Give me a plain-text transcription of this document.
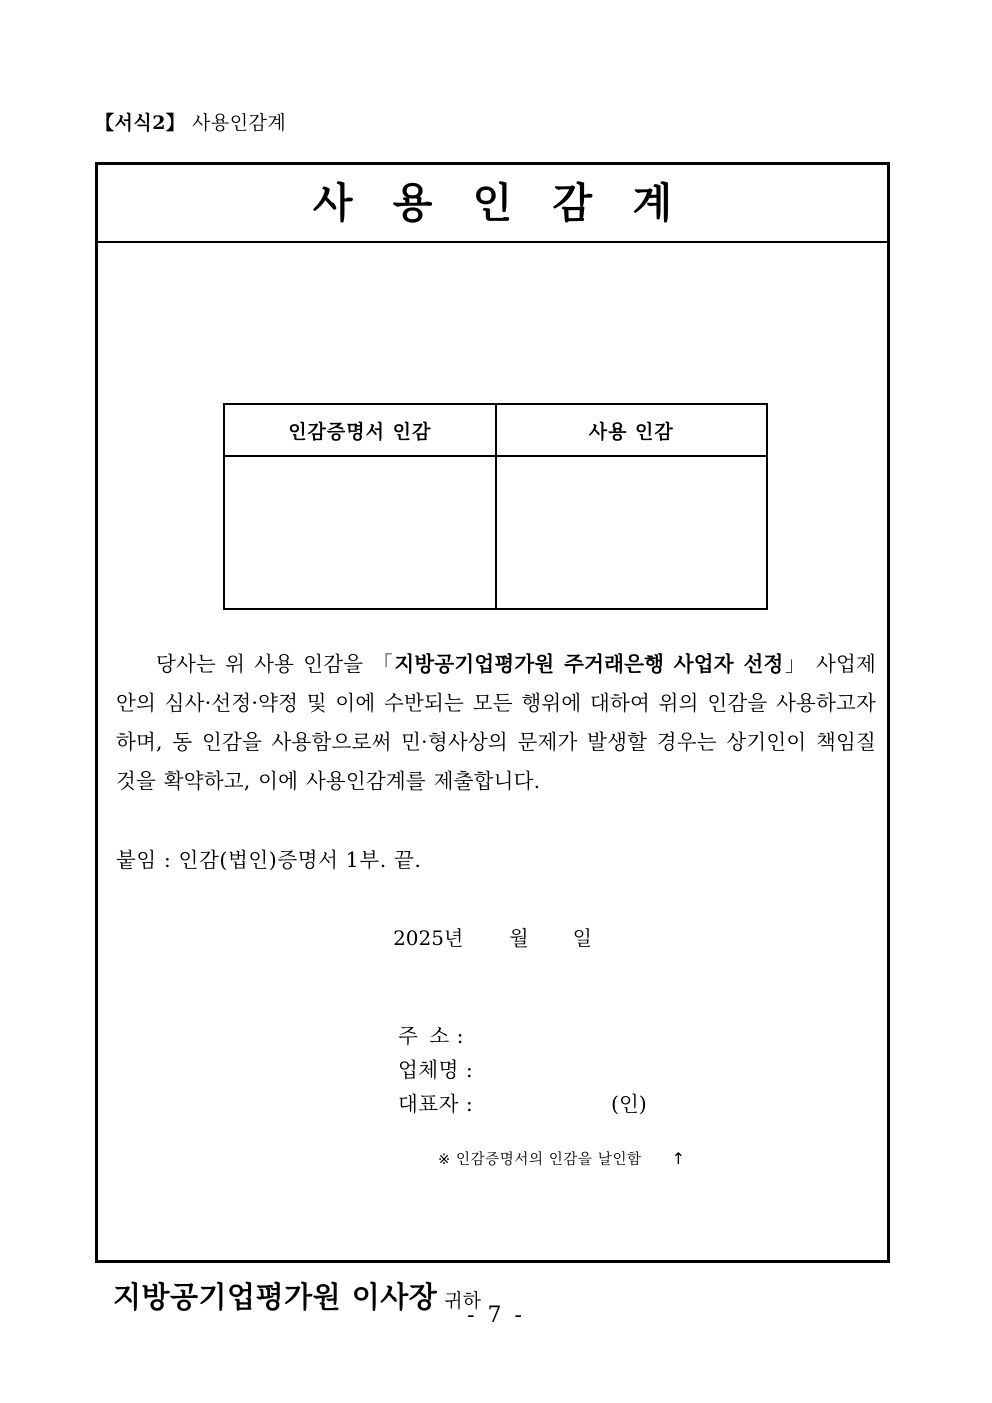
【서식2】 사용인감계
사 용 인 감 계
인감증명서 인감	사용 인감

당사는 위 사용 인감을 「지방공기업평가원 주거래은행 사업자 선정」 사업제안의 심사·선정·약정 및 이에 수반되는 모든 행위에 대하여 위의 인감을 사용하고자 하며, 동 인감을 사용함으로써 민·형사상의 문제가 발생할 경우는 상기인이 책임질 것을 확약하고, 이에 사용인감계를 제출합니다.

붙임 : 인감(법인)증명서 1부. 끝.
2025년 월 일
주 소 :
업체명 :
대표자 :	(인)
※ 인감증명서의 인감을 날인함 ↑
지방공기업평가원 이사장 귀하
- 7 -
